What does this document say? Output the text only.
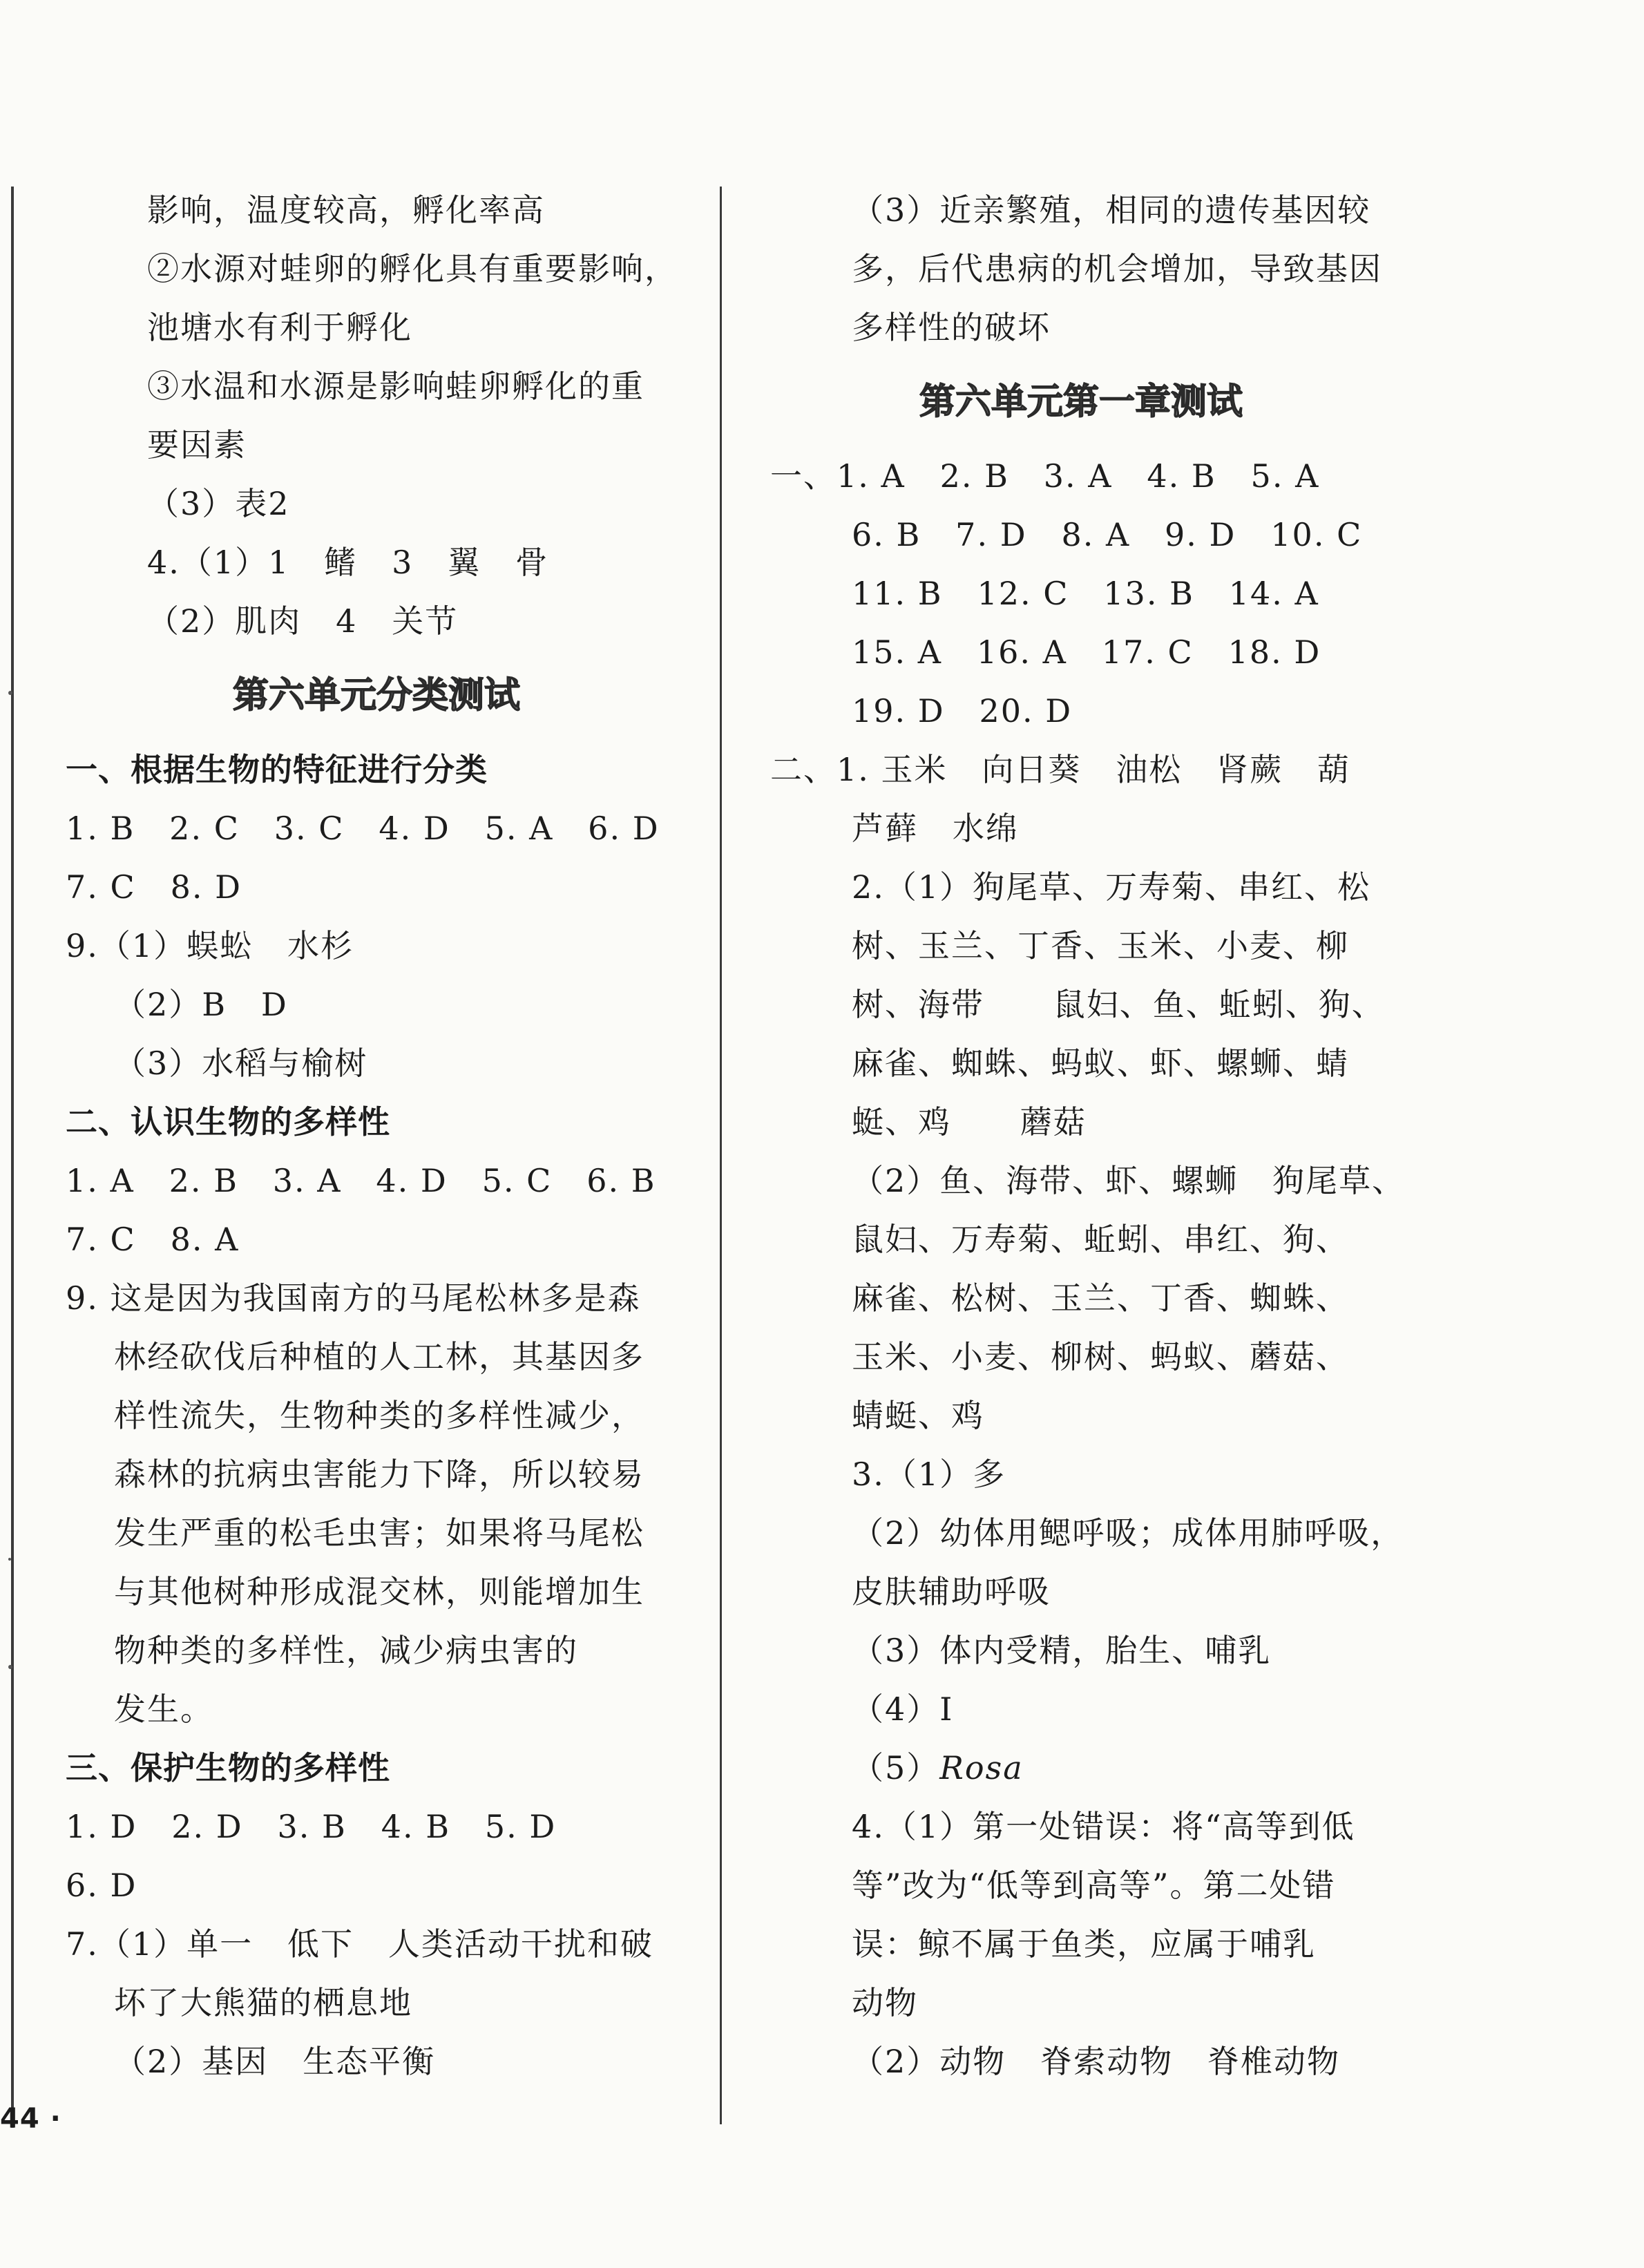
影响，温度较高，孵化率高
②水源对蛙卵的孵化具有重要影响，
池塘水有利于孵化
③水温和水源是影响蛙卵孵化的重
要因素
（3）表2
4.（1）1   鳍   3   翼   骨
（2）肌肉   4   关节
第六单元分类测试
一、根据生物的特征进行分类
1. B   2. C   3. C   4. D   5. A   6. D
7. C   8. D
9.（1）蜈蚣   水杉
（2）B   D
（3）水稻与榆树
二、认识生物的多样性
1. A   2. B   3. A   4. D   5. C   6. B
7. C   8. A
9. 这是因为我国南方的马尾松林多是森
林经砍伐后种植的人工林，其基因多
样性流失，生物种类的多样性减少，
森林的抗病虫害能力下降，所以较易
发生严重的松毛虫害；如果将马尾松
与其他树种形成混交林，则能增加生
物种类的多样性，减少病虫害的
发生。
三、保护生物的多样性
1. D   2. D   3. B   4. B   5. D
6. D
7.（1）单一   低下   人类活动干扰和破
坏了大熊猫的栖息地
（2）基因   生态平衡
（3）近亲繁殖，相同的遗传基因较
多，后代患病的机会增加，导致基因
多样性的破坏
第六单元第一章测试
一、1. A   2. B   3. A   4. B   5. A
6. B   7. D   8. A   9. D   10. C
11. B   12. C   13. B   14. A
15. A   16. A   17. C   18. D
19. D   20. D
二、1. 玉米   向日葵   油松   肾蕨   葫
芦藓   水绵
2.（1）狗尾草、万寿菊、串红、松
树、玉兰、丁香、玉米、小麦、柳
树、海带      鼠妇、鱼、蚯蚓、狗、
麻雀、蜘蛛、蚂蚁、虾、螺蛳、蜻
蜓、鸡      蘑菇
（2）鱼、海带、虾、螺蛳   狗尾草、
鼠妇、万寿菊、蚯蚓、串红、狗、
麻雀、松树、玉兰、丁香、蜘蛛、
玉米、小麦、柳树、蚂蚁、蘑菇、
蜻蜓、鸡
3.（1）多
（2）幼体用鳃呼吸；成体用肺呼吸，
皮肤辅助呼吸
（3）体内受精，胎生、哺乳
（4）I
（5）Rosa
4.（1）第一处错误：将“高等到低
等”改为“低等到高等”。第二处错
误：鲸不属于鱼类，应属于哺乳
动物
（2）动物   脊索动物   脊椎动物
44 ·
